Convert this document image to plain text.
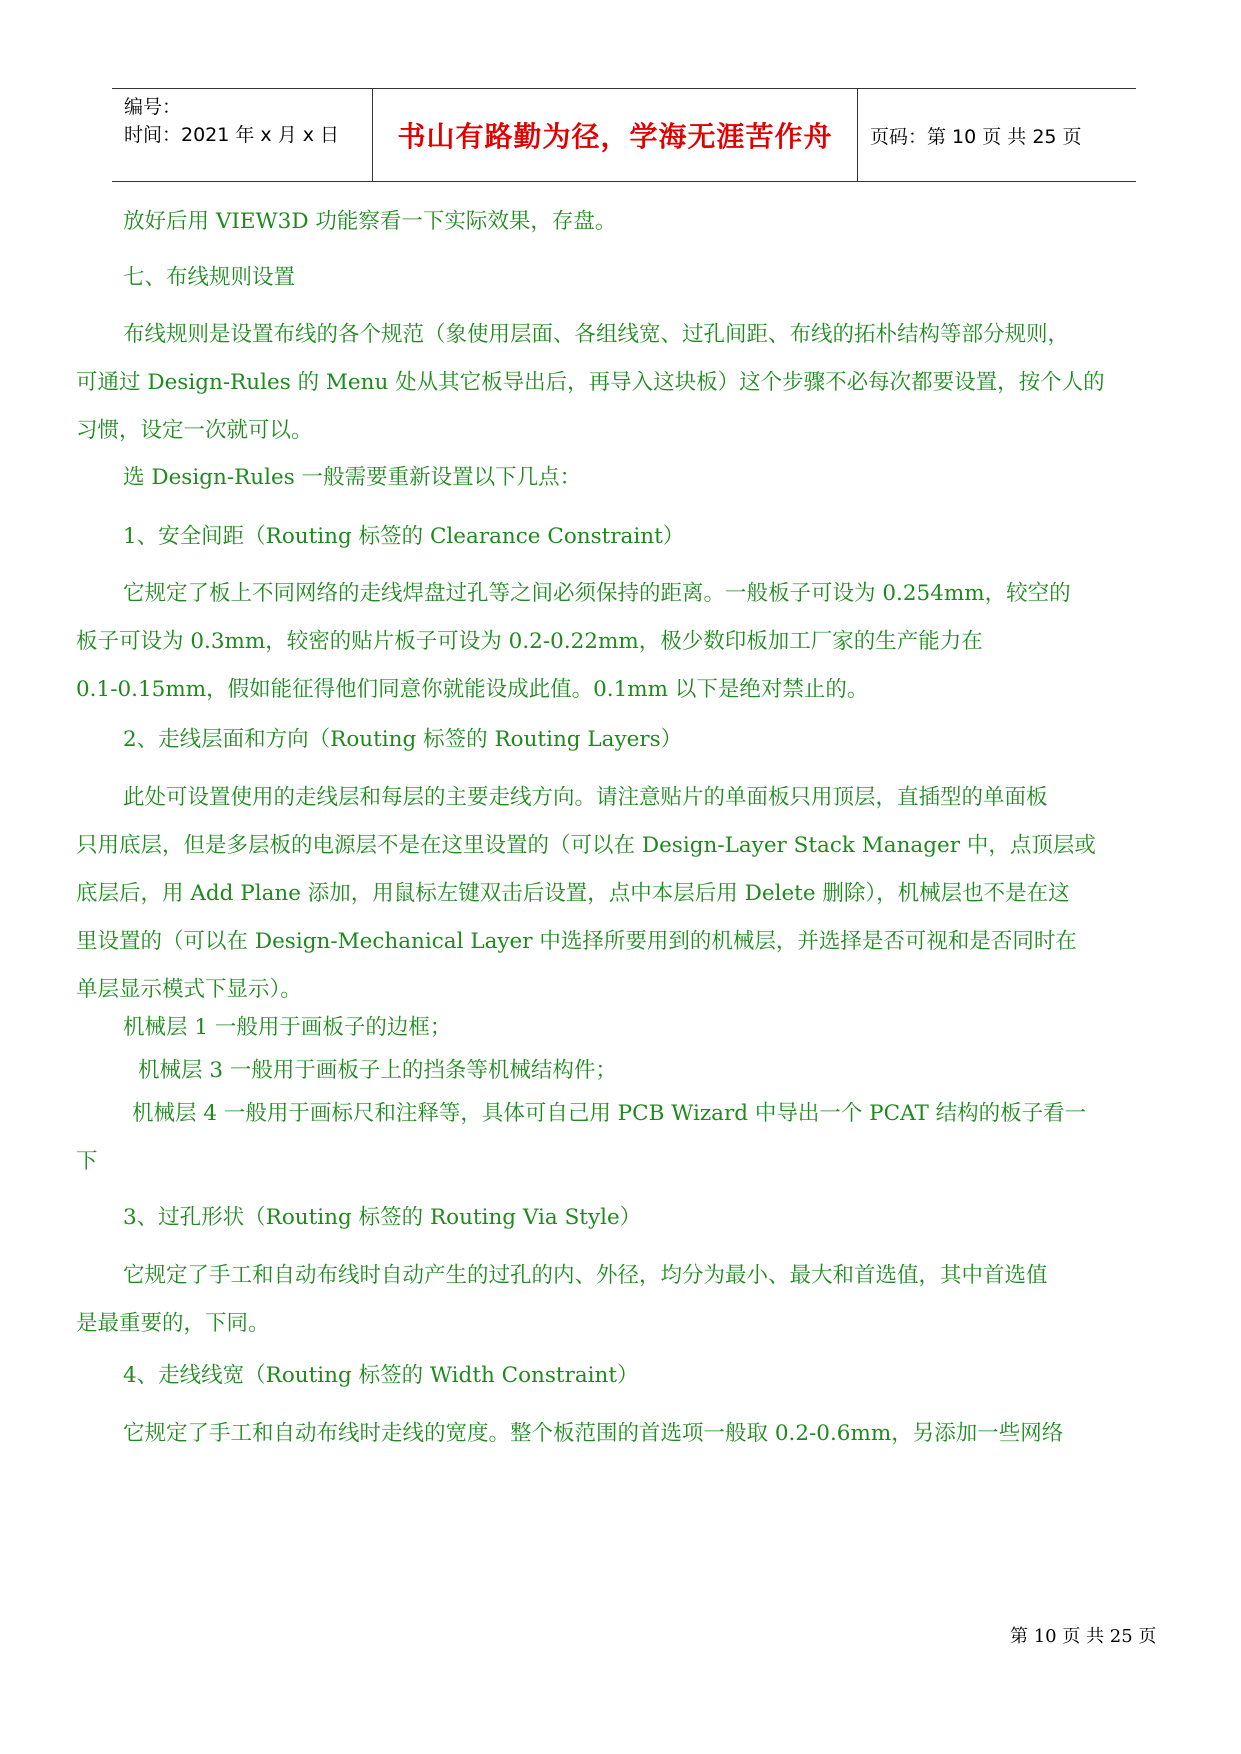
编号：
时间：2021 年 x 月 x 日	书山有路勤为径，学海无涯苦作舟	页码：第 10 页 共 25 页
放好后用 VIEW3D 功能察看一下实际效果，存盘。
七、布线规则设置
布线规则是设置布线的各个规范（象使用层面、各组线宽、过孔间距、布线的拓朴结构等部分规则，
可通过 Design-Rules 的 Menu 处从其它板导出后，再导入这块板）这个步骤不必每次都要设置，按个人的
习惯，设定一次就可以。
选 Design-Rules 一般需要重新设置以下几点：
1、安全间距（Routing 标签的 Clearance Constraint）
它规定了板上不同网络的走线焊盘过孔等之间必须保持的距离。一般板子可设为 0.254mm，较空的
板子可设为 0.3mm，较密的贴片板子可设为 0.2-0.22mm，极少数印板加工厂家的生产能力在
0.1-0.15mm，假如能征得他们同意你就能设成此值。0.1mm 以下是绝对禁止的。
2、走线层面和方向（Routing 标签的 Routing Layers）
此处可设置使用的走线层和每层的主要走线方向。请注意贴片的单面板只用顶层，直插型的单面板
只用底层，但是多层板的电源层不是在这里设置的（可以在 Design-Layer Stack Manager 中，点顶层或
底层后，用 Add Plane 添加，用鼠标左键双击后设置，点中本层后用 Delete 删除），机械层也不是在这
里设置的（可以在 Design-Mechanical Layer 中选择所要用到的机械层，并选择是否可视和是否同时在
单层显示模式下显示）。
机械层 1 一般用于画板子的边框；
机械层 3 一般用于画板子上的挡条等机械结构件；
机械层 4 一般用于画标尺和注释等，具体可自己用 PCB Wizard 中导出一个 PCAT 结构的板子看一
下
3、过孔形状（Routing 标签的 Routing Via Style）
它规定了手工和自动布线时自动产生的过孔的内、外径，均分为最小、最大和首选值，其中首选值
是最重要的，下同。
4、走线线宽（Routing 标签的 Width Constraint）
它规定了手工和自动布线时走线的宽度。整个板范围的首选项一般取 0.2-0.6mm，另添加一些网络
第 10 页 共 25 页
